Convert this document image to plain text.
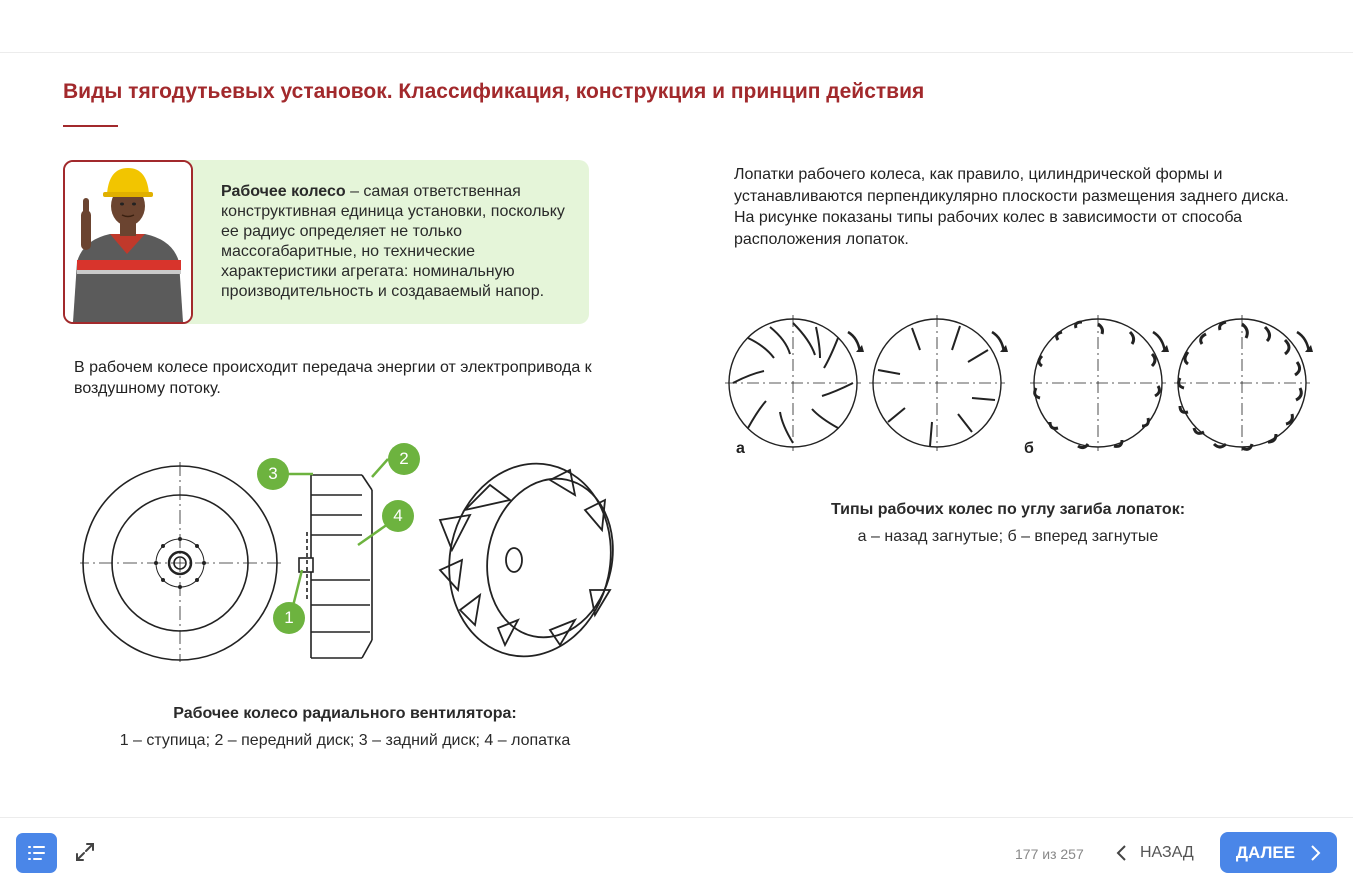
Виды тягодутьевых установок. Классификация, конструкция и принцип действия
Рабочее колесо – самая ответственная конструктивная единица установки, поскольку ее радиус определяет не только массогабаритные, но технические характеристики агрегата: номинальную производительность и создаваемый напор.
В рабочем колесе происходит передача энергии от электропривода к воздушному потоку.
1
2
3
4
Рабочее колесо радиального вентилятора:
1 – ступица; 2 – передний диск; 3 – задний диск; 4 – лопатка
Лопатки рабочего колеса, как правило, цилиндрической формы и устанавливаются перпендикулярно плоскости размещения заднего диска.
На рисунке показаны типы рабочих колес в зависимости от способа расположения лопаток.
а	б
Типы рабочих колес по углу загиба лопаток:
а – назад загнутые; б – вперед загнутые
177 из 257	НАЗАД ДАЛЕЕ
